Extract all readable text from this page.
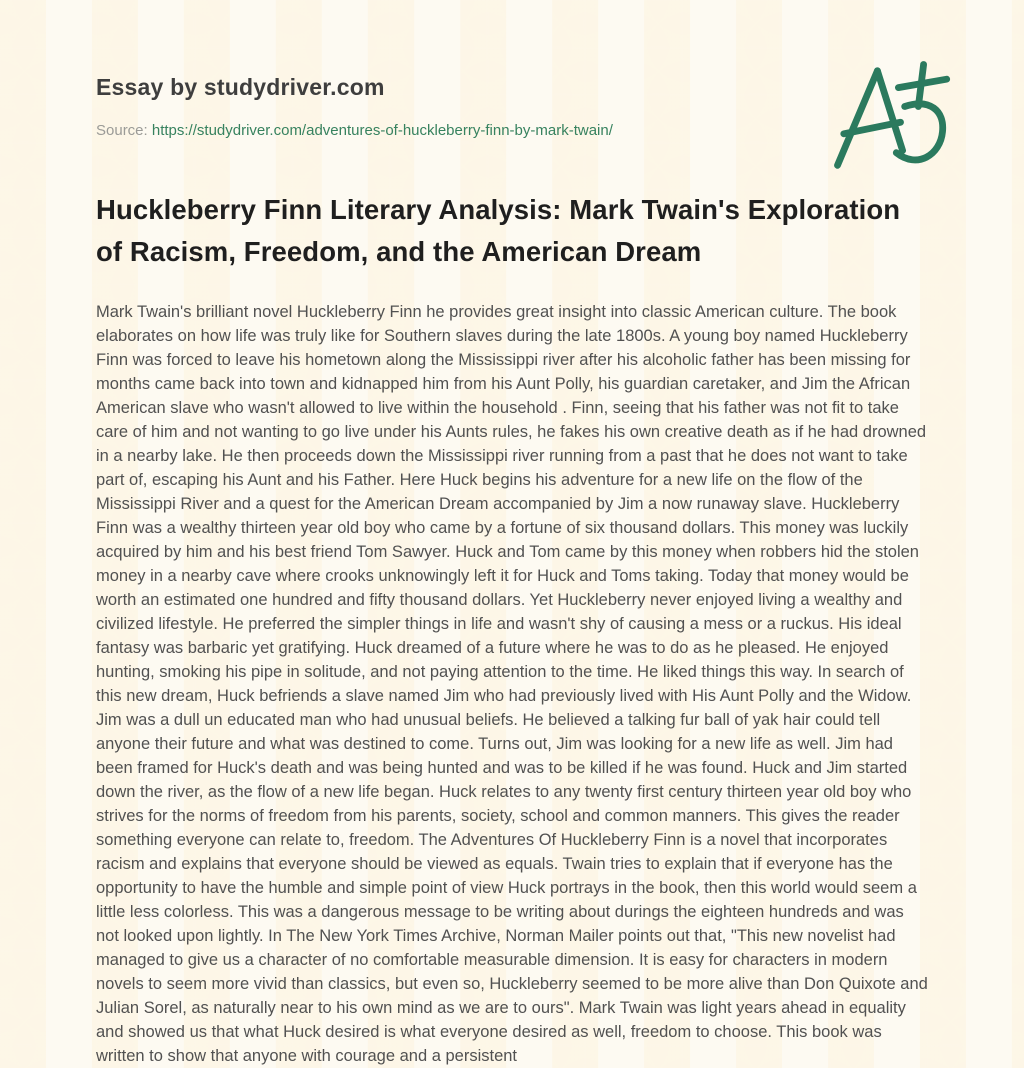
Essay by studydriver.com
Source: https://studydriver.com/adventures-of-huckleberry-finn-by-mark-twain/
Huckleberry Finn Literary Analysis: Mark Twain's Exploration of Racism, Freedom, and the American Dream

Mark Twain's brilliant novel Huckleberry Finn he provides great insight into classic American culture. The book elaborates on how life was truly like for Southern slaves during the late 1800s. A young boy named Huckleberry Finn was forced to leave his hometown along the Mississippi river after his alcoholic father has been missing for months came back into town and kidnapped him from his Aunt Polly, his guardian caretaker, and Jim the African American slave who wasn't allowed to live within the household . Finn, seeing that his father was not fit to take care of him and not wanting to go live under his Aunts rules, he fakes his own creative death as if he had drowned in a nearby lake. He then proceeds down the Mississippi river running from a past that he does not want to take part of, escaping his Aunt and his Father. Here Huck begins his adventure for a new life on the flow of the Mississippi River and a quest for the American Dream accompanied by Jim a now runaway slave. Huckleberry Finn was a wealthy thirteen year old boy who came by a fortune of six thousand dollars. This money was luckily acquired by him and his best friend Tom Sawyer. Huck and Tom came by this money when robbers hid the stolen money in a nearby cave where crooks unknowingly left it for Huck and Toms taking. Today that money would be worth an estimated one hundred and fifty thousand dollars. Yet Huckleberry never enjoyed living a wealthy and civilized lifestyle. He preferred the simpler things in life and wasn't shy of causing a mess or a ruckus. His ideal fantasy was barbaric yet gratifying. Huck dreamed of a future where he was to do as he pleased. He enjoyed hunting, smoking his pipe in solitude, and not paying attention to the time. He liked things this way. In search of this new dream, Huck befriends a slave named Jim who had previously lived with His Aunt Polly and the Widow. Jim was a dull un educated man who had unusual beliefs. He believed a talking fur ball of yak hair could tell anyone their future and what was destined to come. Turns out, Jim was looking for a new life as well. Jim had been framed for Huck's death and was being hunted and was to be killed if he was found. Huck and Jim started down the river, as the flow of a new life began. Huck relates to any twenty first century thirteen year old boy who strives for the norms of freedom from his parents, society, school and common manners. This gives the reader something everyone can relate to, freedom. The Adventures Of Huckleberry Finn is a novel that incorporates racism and explains that everyone should be viewed as equals. Twain tries to explain that if everyone has the opportunity to have the humble and simple point of view Huck portrays in the book, then this world would seem a little less colorless. This was a dangerous message to be writing about durings the eighteen hundreds and was not looked upon lightly. In The New York Times Archive, Norman Mailer points out that, "This new novelist had managed to give us a character of no comfortable measurable dimension. It is easy for characters in modern novels to seem more vivid than classics, but even so, Huckleberry seemed to be more alive than Don Quixote and Julian Sorel, as naturally near to his own mind as we are to ours". Mark Twain was light years ahead in equality and showed us that what Huck desired is what everyone desired as well, freedom to choose. This book was written to show that anyone with courage and a persistent
